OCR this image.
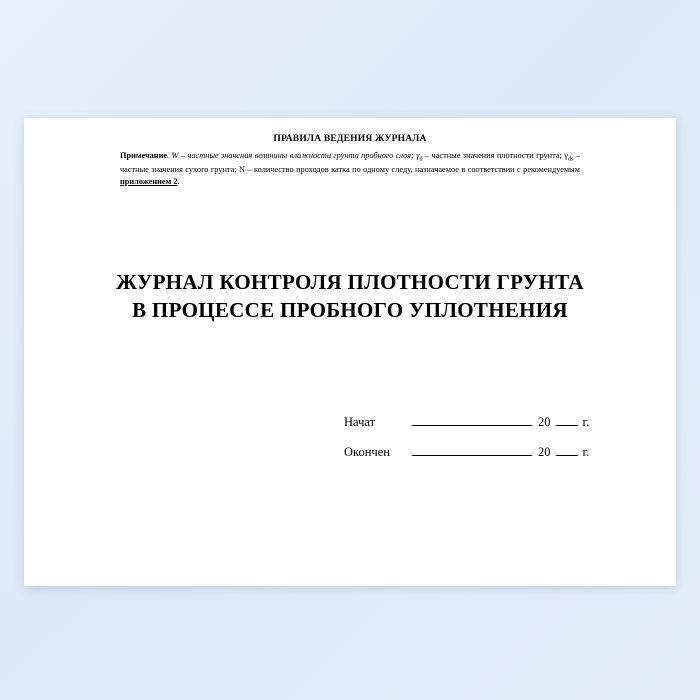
ПРАВИЛА ВЕДЕНИЯ ЖУРНАЛА
Примечание. W – частные значения величины влажности грунта пробного слоя; $\gamma_d$ – частные значения плотности грунта; $\gamma_{ds}$ – частные значения сухого грунта; N – количество проходов катка по одному следу, назначаемое в соответствии с рекомендуемым приложением 2.
ЖУРНАЛ КОНТРОЛЯ ПЛОТНОСТИ ГРУНТА
В ПРОЦЕССЕ ПРОБНОГО УПЛОТНЕНИЯ
Начат	20	г.
Окончен	20	г.
